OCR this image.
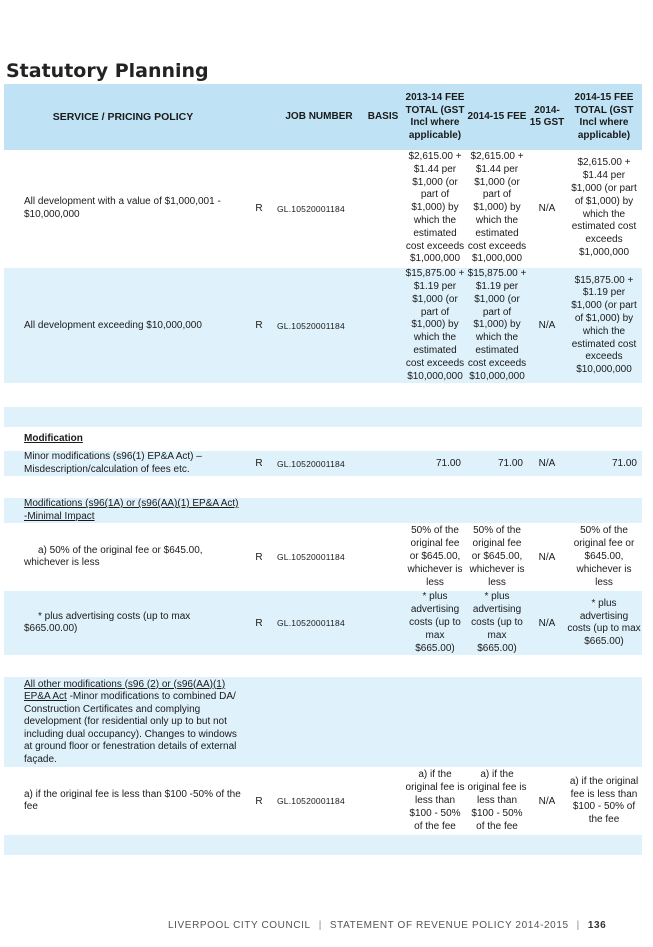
Statutory Planning
SERVICE / PRICING POLICY		JOB NUMBER	BASIS	2013-14 FEE TOTAL (GST Incl where applicable)	2014-15 FEE	2014-15 GST	2014-15 FEE TOTAL (GST Incl where applicable)
All development with a value of $1,000,001 - $10,000,000	R	GL.10520001184		$2,615.00 + $1.44 per $1,000 (or part of $1,000) by which the estimated cost exceeds $1,000,000	$2,615.00 + $1.44 per $1,000 (or part of $1,000) by which the estimated cost exceeds $1,000,000	N/A	$2,615.00 + $1.44 per $1,000 (or part of $1,000) by which the estimated cost exceeds $1,000,000
All development exceeding $10,000,000	R	GL.10520001184		$15,875.00 + $1.19 per $1,000 (or part of $1,000) by which the estimated cost exceeds $10,000,000	$15,875.00 + $1.19 per $1,000 (or part of $1,000) by which the estimated cost exceeds $10,000,000	N/A	$15,875.00 + $1.19 per $1,000 (or part of $1,000) by which the estimated cost exceeds $10,000,000

Modification							
Minor modifications (s96(1) EP&A Act) – Misdescription/calculation of fees etc.	R	GL.10520001184		71.00	71.00	N/A	71.00

Modifications (s96(1A) or (s96(AA)(1) EP&A Act) -Minimal Impact							
a) 50% of the original fee or $645.00, whichever is less	R	GL.10520001184		50% of the original fee or $645.00, whichever is less	50% of the original fee or $645.00, whichever is less	N/A	50% of the original fee or $645.00, whichever is less
* plus advertising costs (up to max $665.00.00)	R	GL.10520001184		* plus advertising costs (up to max $665.00)	* plus advertising costs (up to max $665.00)	N/A	* plus advertising costs (up to max $665.00)

All other modifications (s96 (2) or (s96(AA)(1) EP&A Act -Minor modifications to combined DA/ Construction Certificates and complying development (for residential only up to but not including dual occupancy). Changes to windows at ground floor or fenestration details of external façade.							
a) if the original fee is less than $100 -50% of the fee	R	GL.10520001184		a) if the original fee is less than $100 - 50% of the fee	a) if the original fee is less than $100 - 50% of the fee	N/A	a) if the original fee is less than $100 - 50% of the fee

LIVERPOOL CITY COUNCIL | STATEMENT OF REVENUE POLICY 2014-2015 | 136
